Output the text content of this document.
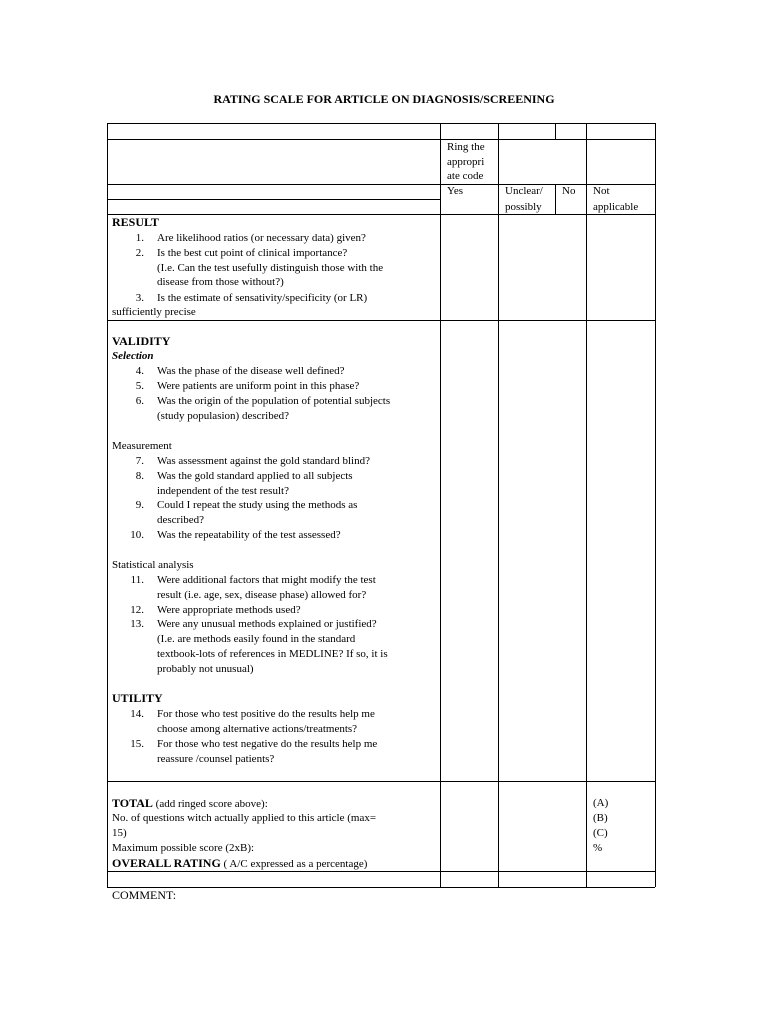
RATING SCALE FOR ARTICLE ON DIAGNOSIS/SCREENING
Ring the
appropri
ate code
Yes	Unclear/
possibly
No Not
applicable
RESULT
1. Are likelihood ratios (or necessary data) given?
2. Is the best cut point of clinical importance?
(I.e. Can the test usefully distinguish those with the
disease from those without?)
3. Is the estimate of sensativity/specificity (or LR)
sufficiently precise
VALIDITY
Selection
4. Was the phase of the disease well defined?
5. Were patients are uniform point in this phase?
6. Was the origin of the population of potential subjects
(study populasion) described?
Measurement
7. Was assessment against the gold standard blind?
8. Was the gold standard applied to all subjects
independent of the test result?
9. Could I repeat the study using the methods as
described?
10. Was the repeatability of the test assessed?
Statistical analysis
11. Were additional factors that might modify the test
result (i.e. age, sex, disease phase) allowed for?
12. Were appropriate methods used?
13. Were any unusual methods explained or justified?
(I.e. are methods easily found in the standard
textbook-lots of references in MEDLINE? If so, it is
probably not unusual)
UTILITY
14. For those who test positive do the results help me
choose among alternative actions/treatments?
15. For those who test negative do the results help me
reassure /counsel patients?
TOTAL (add ringed score above):
No. of questions witch actually applied to this article (max=
15)
Maximum possible score (2xB):
OVERALL RATING ( A/C expressed as a percentage)
(A)
(B)
(C)
%
COMMENT:
